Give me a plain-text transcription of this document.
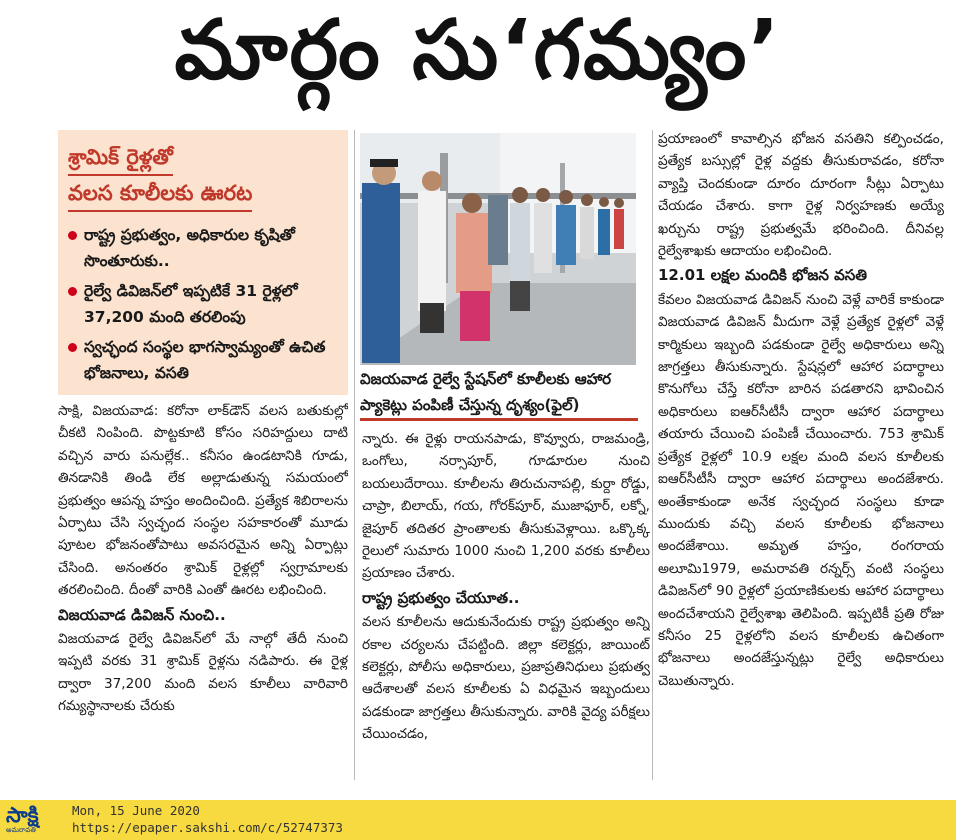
మార్గం సు‘గమ్యం’
శ్రామిక్ రైళ్లతో
వలస కూలీలకు ఊరట
రాష్ట్ర ప్రభుత్వం, అధికారుల కృషితో సొంతూరుకు..
రైల్వే డివిజన్‌లో ఇప్పటికే 31 రైళ్లలో 37,200 మంది తరలింపు
స్వచ్ఛంద సంస్థల భాగస్వామ్యంతో ఉచిత భోజనాలు, వసతి	విజయవాడ రైల్వే స్టేషన్‌లో కూలీలకు ఆహార ప్యాకెట్లు పంపిణీ చేస్తున్న దృశ్యం(ఫైల్)

సాక్షి, విజయవాడ: కరోనా లాక్‌డౌన్ వలస బతుకుల్లో చీకటి నింపింది. పొట్టకూటి కోసం సరిహద్దులు దాటి వచ్చిన వారు పనుల్లేక.. కనీసం ఉండటానికి గూడు, తినడానికి తిండి లేక అల్లాడుతున్న సమయంలో ప్రభుత్వం ఆపన్న హస్తం అందించింది. ప్రత్యేక శిబిరాలను ఏర్పాటు చేసి స్వచ్ఛంద సంస్థల సహకారంతో మూడు పూటల భోజనంతోపాటు అవసరమైన అన్ని ఏర్పాట్లు చేసింది. అనంతరం శ్రామిక్ రైళ్లల్లో స్వగ్రామాలకు తరలించింది. దీంతో వారికి ఎంతో ఊరట లభించింది.

విజయవాడ డివిజన్ నుంచి..

విజయవాడ రైల్వే డివిజన్‌లో మే నాల్గో తేదీ నుంచి ఇప్పటి వరకు 31 శ్రామిక్ రైళ్లను నడిపారు. ఈ రైళ్ల ద్వారా 37,200 మంది వలస కూలీలు వారివారి గమ్యస్థానాలకు చేరుకు

న్నారు. ఈ రైళ్లు రాయనపాడు, కొవ్వూరు, రాజమండ్రి, ఒంగోలు, నర్సాపూర్, గూడూరుల నుంచి బయలుదేరాయి. కూలీలను తిరుచునాపల్లి, కుర్దా రోడ్డు, చాప్రా, బిలాయ్, గయ, గోరక్‌పూర్, ముజాఫూర్, లక్నో, జైపూర్ తదితర ప్రాంతాలకు తీసుకువెళ్లాయి. ఒక్కొక్క రైలులో సుమారు 1000 నుంచి 1,200 వరకు కూలీలు ప్రయాణం చేశారు.

రాష్ట్ర ప్రభుత్వం చేయూత..

వలస కూలీలను ఆదుకునేందుకు రాష్ట్ర ప్రభుత్వం అన్ని రకాల చర్యలను చేపట్టింది. జిల్లా కలెక్టర్లు, జాయింట్ కలెక్టర్లు, పోలీసు అధికారులు, ప్రజాప్రతినిధులు ప్రభుత్వ ఆదేశాలతో వలస కూలీలకు ఏ విధమైన ఇబ్బందులు పడకుండా జాగ్రత్తలు తీసుకున్నారు. వారికి వైద్య పరీక్షలు చేయించడం,

ప్రయాణంలో కావాల్సిన భోజన వసతిని కల్పించడం, ప్రత్యేక బస్సుల్లో రైళ్ల వద్దకు తీసుకురావడం, కరోనా వ్యాప్తి చెందకుండా దూరం దూరంగా సీట్లు ఏర్పాటు చేయడం చేశారు. కాగా రైళ్ల నిర్వహణకు అయ్యే ఖర్చును రాష్ట్ర ప్రభుత్వమే భరించింది. దీనివల్ల రైల్వేశాఖకు ఆదాయం లభించింది.

12.01 లక్షల మందికి భోజన వసతి

కేవలం విజయవాడ డివిజన్ నుంచి వెళ్లే వారికే కాకుండా విజయవాడ డివిజన్ మీదుగా వెళ్లే ప్రత్యేక రైళ్లలో వెళ్లే కార్మికులు ఇబ్బంది పడకుండా రైల్వే అధికారులు అన్ని జాగ్రత్తలు తీసుకున్నారు. స్టేషన్లలో ఆహార పదార్థాలు కొనుగోలు చేస్తే కరోనా బారిన పడతారని భావించిన అధికారులు ఐఆర్‌సీటీసీ ద్వారా ఆహార పదార్థాలు తయారు చేయించి పంపిణీ చేయించారు. 753 శ్రామిక్ ప్రత్యేక రైళ్లలో 10.9 లక్షల మంది వలస కూలీలకు ఐఆర్‌సీటీసీ ద్వారా ఆహార పదార్థాలు అందజేశారు. అంతేకాకుండా అనేక స్వచ్ఛంద సంస్థలు కూడా ముందుకు వచ్చి వలస కూలీలకు భోజనాలు అందజేశాయి. అమృత హస్తం, రంగరాయ అలూమి1979, అమరావతి రన్నర్స్ వంటి సంస్థలు డివిజన్‌లో 90 రైళ్లలో ప్రయాణికులకు ఆహార పదార్థాలు అందచేశాయని రైల్వేశాఖ తెలిపింది. ఇప్పటికీ ప్రతి రోజు కనీసం 25 రైళ్లలోని వలస కూలీలకు ఉచితంగా భోజనాలు అందజేస్తున్నట్లు రైల్వే అధికారులు చెబుతున్నారు.

సాక్షి
అమరావతి
Mon, 15 June 2020
https://epaper.sakshi.com/c/52747373
